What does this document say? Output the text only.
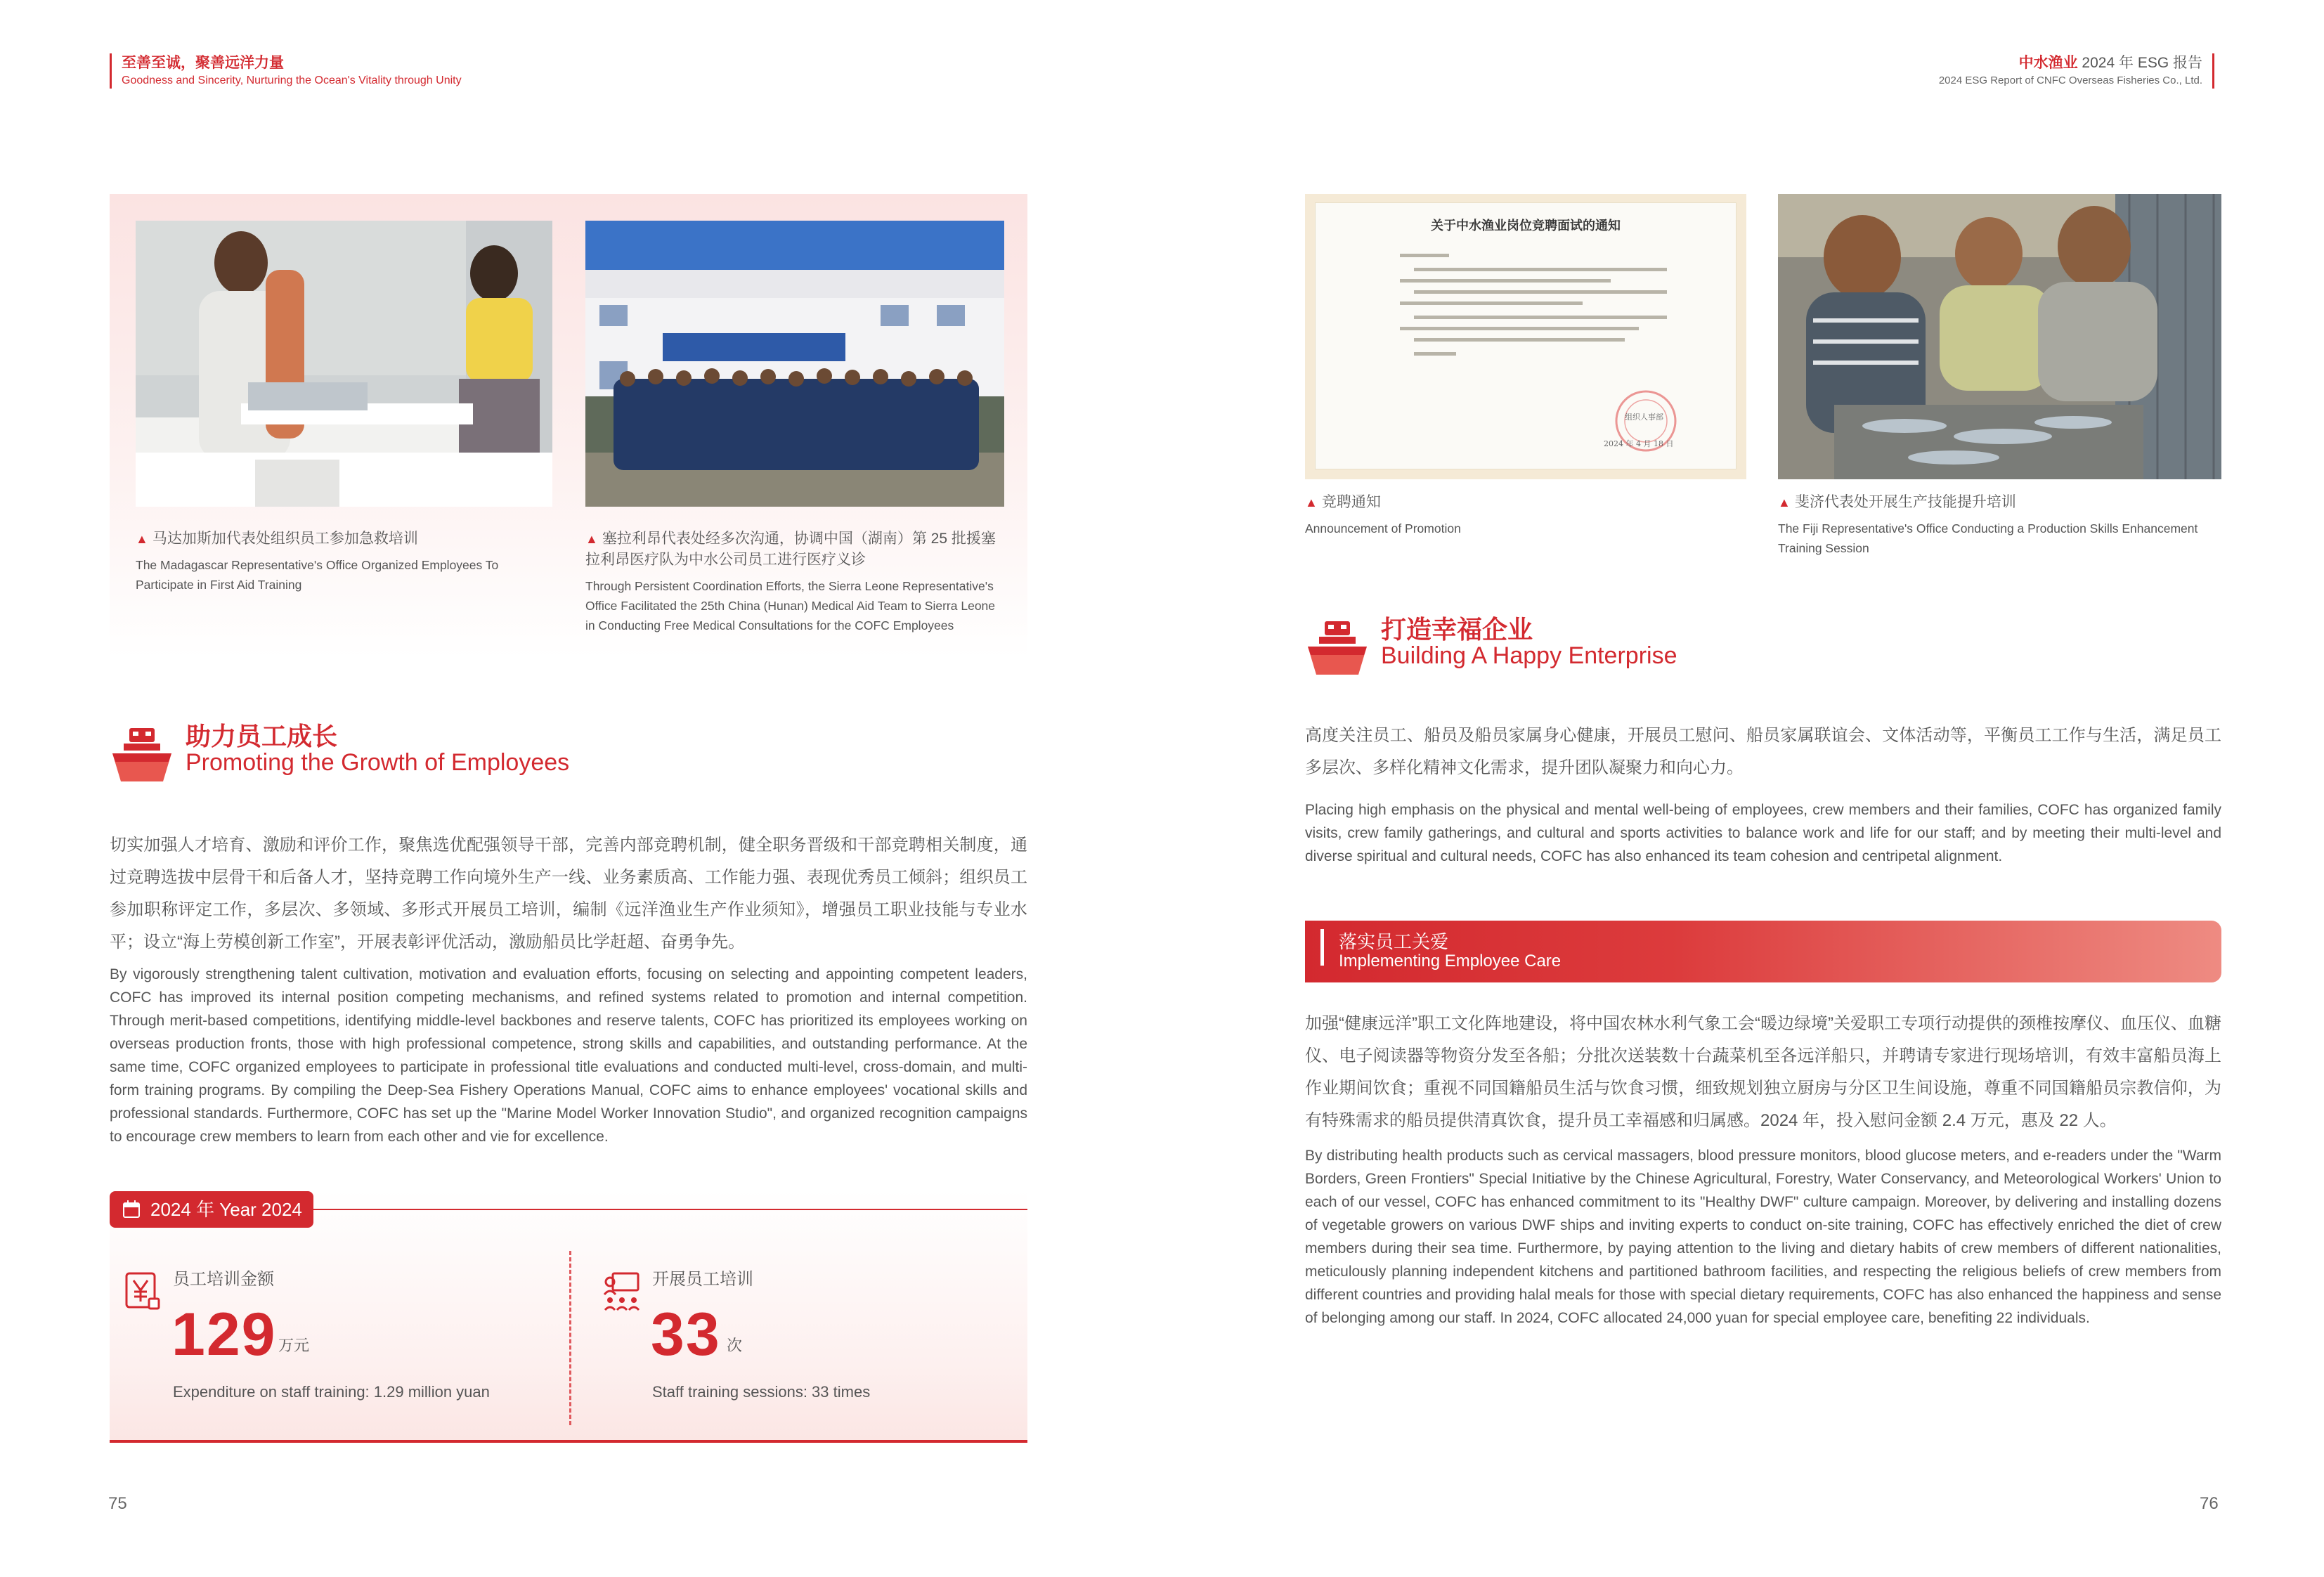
至善至诚，聚善远洋力量
Goodness and Sincerity, Nurturing the Ocean's Vitality through Unity
中水渔业 2024 年 ESG 报告
2024 ESG Report of CNFC Overseas Fisheries Co., Ltd.
▲ 马达加斯加代表处组织员工参加急救培训
The Madagascar Representative's Office Organized Employees To Participate in First Aid Training
▲ 塞拉利昂代表处经多次沟通，协调中国（湖南）第 25 批援塞拉利昂医疗队为中水公司员工进行医疗义诊
Through Persistent Coordination Efforts, the Sierra Leone Representative's Office Facilitated the 25th China (Hunan) Medical Aid Team to Sierra Leone in Conducting Free Medical Consultations for the COFC Employees
助力员工成长
Promoting the Growth of Employees
切实加强人才培育、激励和评价工作，聚焦选优配强领导干部，完善内部竞聘机制，健全职务晋级和干部竞聘相关制度，通过竞聘选拔中层骨干和后备人才，坚持竞聘工作向境外生产一线、业务素质高、工作能力强、表现优秀员工倾斜；组织员工参加职称评定工作，多层次、多领域、多形式开展员工培训，编制《远洋渔业生产作业须知》，增强员工职业技能与专业水平；设立“海上劳模创新工作室”，开展表彰评优活动，激励船员比学赶超、奋勇争先。
By vigorously strengthening talent cultivation, motivation and evaluation efforts, focusing on selecting and appointing competent leaders, COFC has improved its internal position competing mechanisms, and refined systems related to promotion and internal competition. Through merit-based competitions, identifying middle-level backbones and reserve talents, COFC has prioritized its employees working on overseas production fronts, those with high professional competence, strong skills and capabilities, and outstanding performance. At the same time, COFC organized employees to participate in professional title evaluations and conducted multi-level, cross-domain, and multi-form training programs. By compiling the Deep-Sea Fishery Operations Manual, COFC aims to enhance employees' vocational skills and professional standards. Furthermore, COFC has set up the "Marine Model Worker Innovation Studio", and organized recognition campaigns to encourage crew members to learn from each other and vie for excellence.
2024 年 Year 2024
员工培训金额
129 万元
Expenditure on staff training: 1.29 million yuan
开展员工培训
33 次
Staff training sessions: 33 times
75
关于中水渔业岗位竞聘面试的通知
组织人事部
2024 年 4 月 18 日
▲ 竞聘通知
Announcement of Promotion
▲ 斐济代表处开展生产技能提升培训
The Fiji Representative's Office Conducting a Production Skills Enhancement Training Session
打造幸福企业
Building A Happy Enterprise
高度关注员工、船员及船员家属身心健康，开展员工慰问、船员家属联谊会、文体活动等，平衡员工工作与生活，满足员工多层次、多样化精神文化需求，提升团队凝聚力和向心力。
Placing high emphasis on the physical and mental well-being of employees, crew members and their families, COFC has organized family visits, crew family gatherings, and cultural and sports activities to balance work and life for our staff; and by meeting their multi-level and diverse spiritual and cultural needs, COFC has also enhanced its team cohesion and centripetal alignment.
落实员工关爱
Implementing Employee Care
加强“健康远洋”职工文化阵地建设，将中国农林水利气象工会“暖边绿境”关爱职工专项行动提供的颈椎按摩仪、血压仪、血糖仪、电子阅读器等物资分发至各船；分批次送装数十台蔬菜机至各远洋船只，并聘请专家进行现场培训，有效丰富船员海上作业期间饮食；重视不同国籍船员生活与饮食习惯，细致规划独立厨房与分区卫生间设施，尊重不同国籍船员宗教信仰，为有特殊需求的船员提供清真饮食，提升员工幸福感和归属感。2024 年，投入慰问金额 2.4 万元，惠及 22 人。
By distributing health products such as cervical massagers, blood pressure monitors, blood glucose meters, and e-readers under the "Warm Borders, Green Frontiers" Special Initiative by the Chinese Agricultural, Forestry, Water Conservancy, and Meteorological Workers' Union to each of our vessel, COFC has enhanced commitment to its "Healthy DWF" culture campaign. Moreover, by delivering and installing dozens of vegetable growers on various DWF ships and inviting experts to conduct on-site training, COFC has effectively enriched the diet of crew members during their sea time. Furthermore, by paying attention to the living and dietary habits of crew members of different nationalities, meticulously planning independent kitchens and partitioned bathroom facilities, and respecting the religious beliefs of crew members from different countries and providing halal meals for those with special dietary requirements, COFC has also enhanced the happiness and sense of belonging among our staff. In 2024, COFC allocated 24,000 yuan for special employee care, benefiting 22 individuals.
76
